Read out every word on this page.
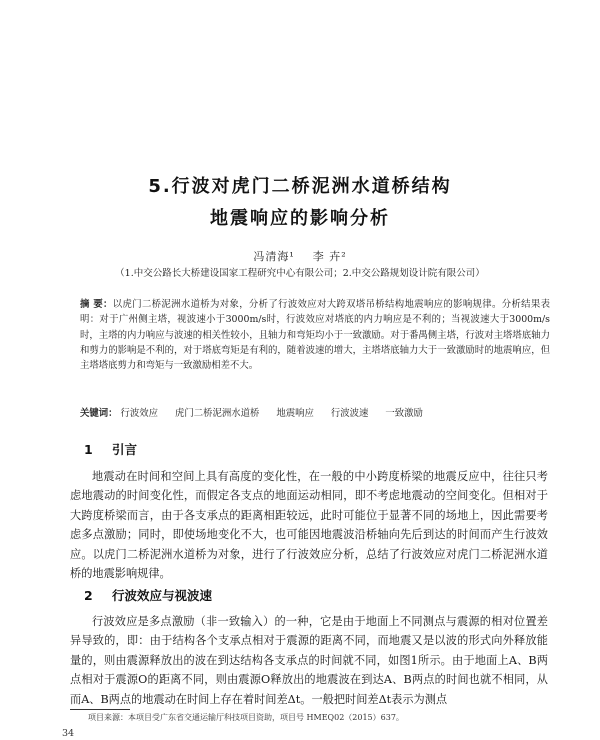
5.行波对虎门二桥泥洲水道桥结构
地震响应的影响分析
冯清海¹ 李 卉²
（1.中交公路长大桥建设国家工程研究中心有限公司；2.中交公路规划设计院有限公司）
摘 要：以虎门二桥泥洲水道桥为对象，分析了行波效应对大跨双塔吊桥结构地震响应的影响规律。分析结果表明：对于广州侧主塔，视波速小于3000m/s时，行波效应对塔底的内力响应是不利的；当视波速大于3000m/s时，主塔的内力响应与波速的相关性较小，且轴力和弯矩均小于一致激励。对于番禺侧主塔，行波对主塔塔底轴力和剪力的影响是不利的，对于塔底弯矩是有利的，随着波速的增大，主塔塔底轴力大于一致激励时的地震响应，但主塔塔底剪力和弯矩与一致激励相差不大。
关键词： 行波效应 虎门二桥泥洲水道桥 地震响应 行波波速 一致激励
1 引言
地震动在时间和空间上具有高度的变化性，在一般的中小跨度桥梁的地震反应中，往往只考虑地震动的时间变化性，而假定各支点的地面运动相同，即不考虑地震动的空间变化。但相对于大跨度桥梁而言，由于各支承点的距离相距较远，此时可能位于显著不同的场地上，因此需要考虑多点激励；同时，即使场地变化不大，也可能因地震波沿桥轴向先后到达的时间而产生行波效应。以虎门二桥泥洲水道桥为对象，进行了行波效应分析，总结了行波效应对虎门二桥泥洲水道桥的地震影响规律。
2 行波效应与视波速
行波效应是多点激励（非一致输入）的一种，它是由于地面上不同测点与震源的相对位置差异导致的，即：由于结构各个支承点相对于震源的距离不同，而地震又是以波的形式向外释放能量的，则由震源释放出的波在到达结构各支承点的时间就不同，如图1所示。由于地面上A、B两点相对于震源O的距离不同，则由震源O释放出的地震波在到达A、B两点的时间也就不相同，从而A、B两点的地震动在时间上存在着时间差Δt。一般把时间差Δt表示为测点
项目来源：本项目受广东省交通运输厅科技项目资助，项目号 HMEQ02（2015）637。
34
